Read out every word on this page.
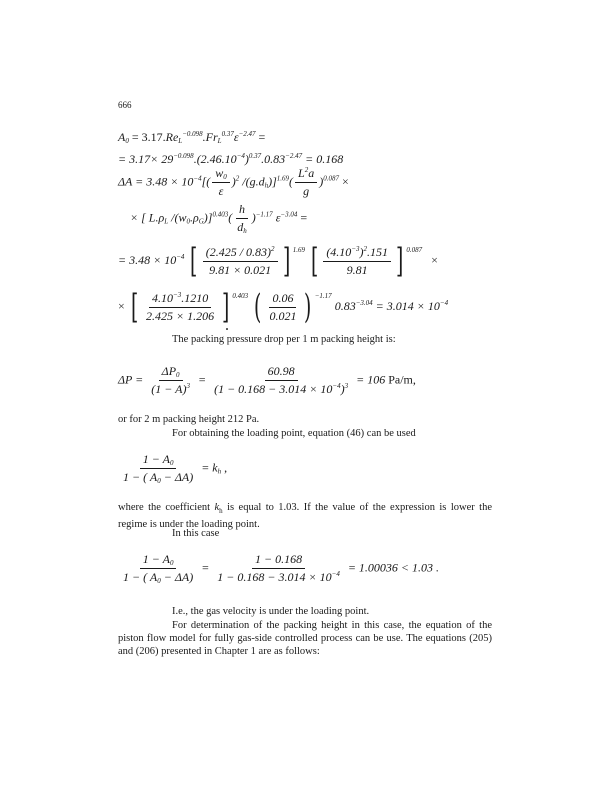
666
$A_0 = 3.17.Re_L^{-0.098}.Fr_L^{0.37}\varepsilon^{-2.47}$ =
= $3.17\times 29^{-0.098}.(2.46.10^{-4})^{0.37}.0.83^{-2.47} = 0.168$
$\Delta A = 3.48 \times 10^{-4}[( \frac{w_0}{\varepsilon} )^2$ $/(g.d_h)]^{1.69}( \frac{L^2a}{g} )^{0.087}$ ×
× [ $L.\rho_L$ $/(w_0.\rho_G)]^{0.403}( \frac{h}{d_h} )^{-1.17}$ $\varepsilon^{-3.04}$ =
= $3.48 \times 10^{-4}$ [ $\frac{(2.425 / 0.83)^2}{9.81 \times 0.021}$ ] 1.69
[ $\frac{(4.10^{-3})^2.151}{9.81}$ ] 0.087
×
× [ $\frac{4.10^{-3}.1210}{2.425 \times 1.206}$ ] 0.403
( $\frac{0.06}{0.021}$ ) −1.17
$0.83^{-3.04} = 3.014 \times 10^{-4}$
The packing pressure drop per 1 m packing height is:
$\Delta P = \frac{\Delta P_0}{(1 - A)^3} = \frac{60.98}{(1 - 0.168 - 3.014 \times 10^{-4})^3} = 106$ Pa/m,
or for 2 m packing height 212 Pa.
For obtaining the loading point, equation (46) can be used
$\frac{1 - A_0}{1 - ( A_0 - \Delta A)} = k_h$ ,
where the coefficient $k_h$ is equal to 1.03. If the value of the expression is lower the regime is under the loading point.
In this case
$\frac{1 - A_0}{1 - ( A_0 - \Delta A)} = \frac{1 - 0.168}{1 - 0.168 - 3.014 \times 10^{-4}} = 1.00036 < 1.03$ .
I.e., the gas velocity is under the loading point.
For determination of the packing height in this case, the equation of the piston flow model for fully gas-side controlled process can be use. The equations (205) and (206) presented in Chapter 1 are as follows:
